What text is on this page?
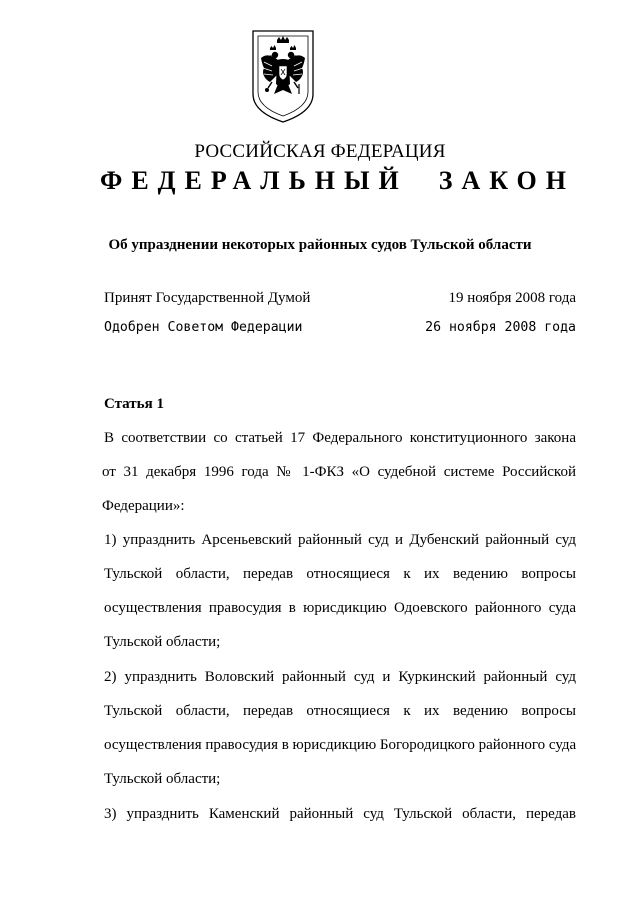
РОССИЙСКАЯ ФЕДЕРАЦИЯ
ФЕДЕРАЛЬНЫЙ  ЗАКОН
Об упразднении некоторых районных судов Тульской области
Принят Государственной Думой	19 ноября 2008 года
Одобрен Советом Федерации	26 ноября 2008 года
Статья 1
В соответствии со статьей 17 Федерального конституционного закона
от 31 декабря 1996 года № 1-ФКЗ «О судебной системе Российской
Федерации»:
1) упразднить Арсеньевский районный суд и Дубенский районный суд
Тульской области, передав относящиеся к их ведению вопросы
осуществления правосудия в юрисдикцию Одоевского районного суда
Тульской области;
2) упразднить Воловский районный суд и Куркинский районный суд
Тульской области, передав относящиеся к их ведению вопросы
осуществления правосудия в юрисдикцию Богородицкого районного суда
Тульской области;
3) упразднить Каменский районный суд Тульской области, передав
